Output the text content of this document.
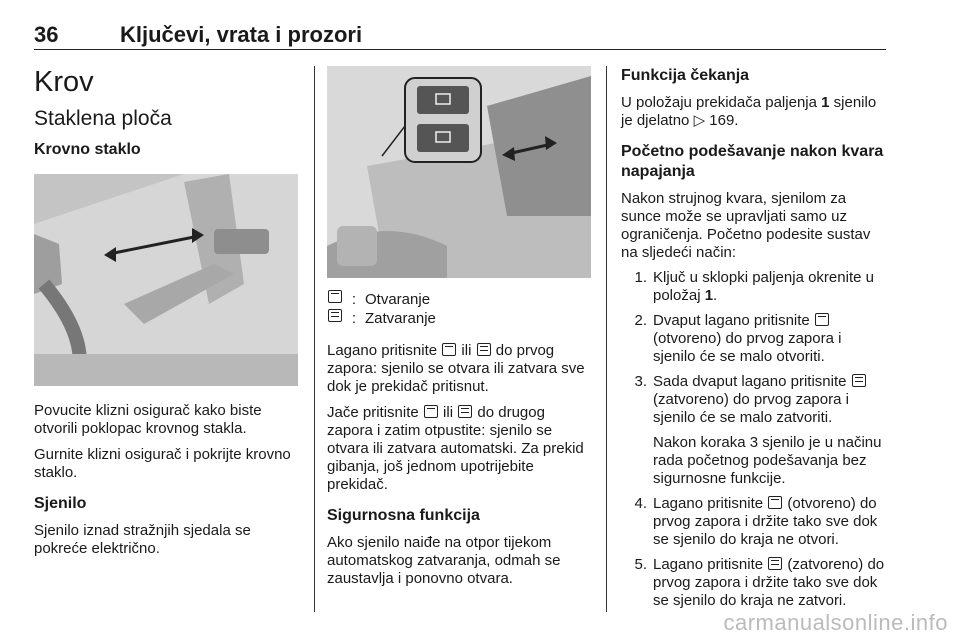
36	Ključevi, vrata i prozori
Krov
Staklena ploča
Krovno staklo

Povucite klizni osigurač kako biste otvorili poklopac krovnog stakla.

Gurnite klizni osigurač i pokrijte krovno staklo.

Sjenilo

Sjenilo iznad stražnjih sjedala se pokreće električno.

: Otvaranje
: Zatvaranje

Lagano pritisnite
ili
do prvog zapora: sjenilo se otvara ili zatvara sve dok je prekidač pritisnut.

Jače pritisnite
ili
do drugog zapora i zatim otpustite: sjenilo se otvara ili zatvara automatski. Za prekid gibanja, još jednom upotrijebite prekidač.

Sigurnosna funkcija

Ako sjenilo naiđe na otpor tijekom automatskog zatvaranja, odmah se zaustavlja i ponovno otvara.

Funkcija čekanja

U položaju prekidača paljenja 1 sjenilo je djelatno ▷ 169.

Početno podešavanje nakon kvara napajanja

Nakon strujnog kvara, sjenilom za sunce može se upravljati samo uz ograničenja. Početno podesite sustav na sljedeći način:

1. Ključ u sklopki paljenja okrenite u položaj 1.
2. Dvaput lagano pritisnite
(otvoreno) do prvog zapora i sjenilo će se malo otvoriti.
3. Sada dvaput lagano pritisnite
(zatvoreno) do prvog zapora i sjenilo će se malo zatvoriti.
Nakon koraka 3 sjenilo je u načinu rada početnog podešavanja bez sigurnosne funkcije.
4. Lagano pritisnite
(otvoreno) do prvog zapora i držite tako sve dok se sjenilo do kraja ne otvori.
5. Lagano pritisnite
(zatvoreno) do prvog zapora i držite tako sve dok se sjenilo do kraja ne zatvori.
carmanualsonline.info
